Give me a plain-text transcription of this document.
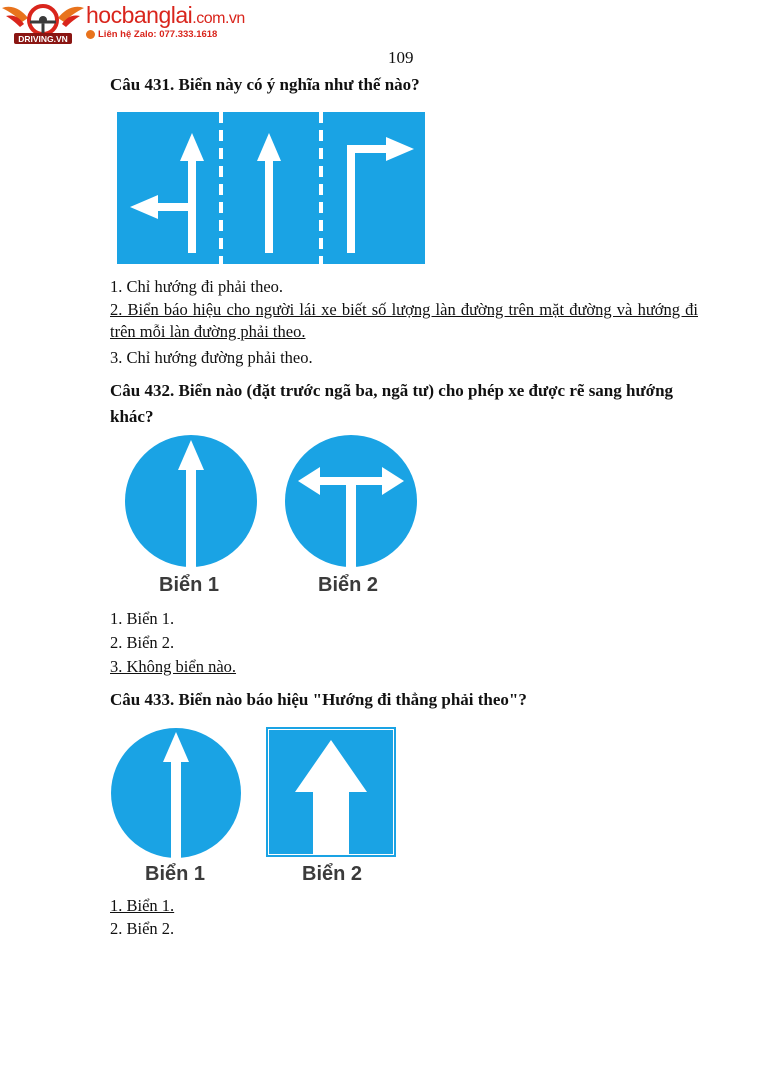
DRIVING.VN
hocbanglai.com.vn
Liên hệ Zalo: 077.333.1618
109
Câu 431. Biển này có ý nghĩa như thế nào?
1. Chỉ hướng đi phải theo.
2. Biển báo hiệu cho người lái xe biết số lượng làn đường trên mặt đường và hướng đi trên mỗi làn đường phải theo.
3. Chỉ hướng đường phải theo.
Câu 432. Biển nào (đặt trước ngã ba, ngã tư) cho phép xe được rẽ sang hướng khác?
Biển 1	Biển 2
1. Biển 1.
2. Biển 2.
3. Không biển nào.
Câu 433. Biển nào báo hiệu "Hướng đi thẳng phải theo"?
Biển 1	Biển 2
1. Biển 1.
2. Biển 2.
